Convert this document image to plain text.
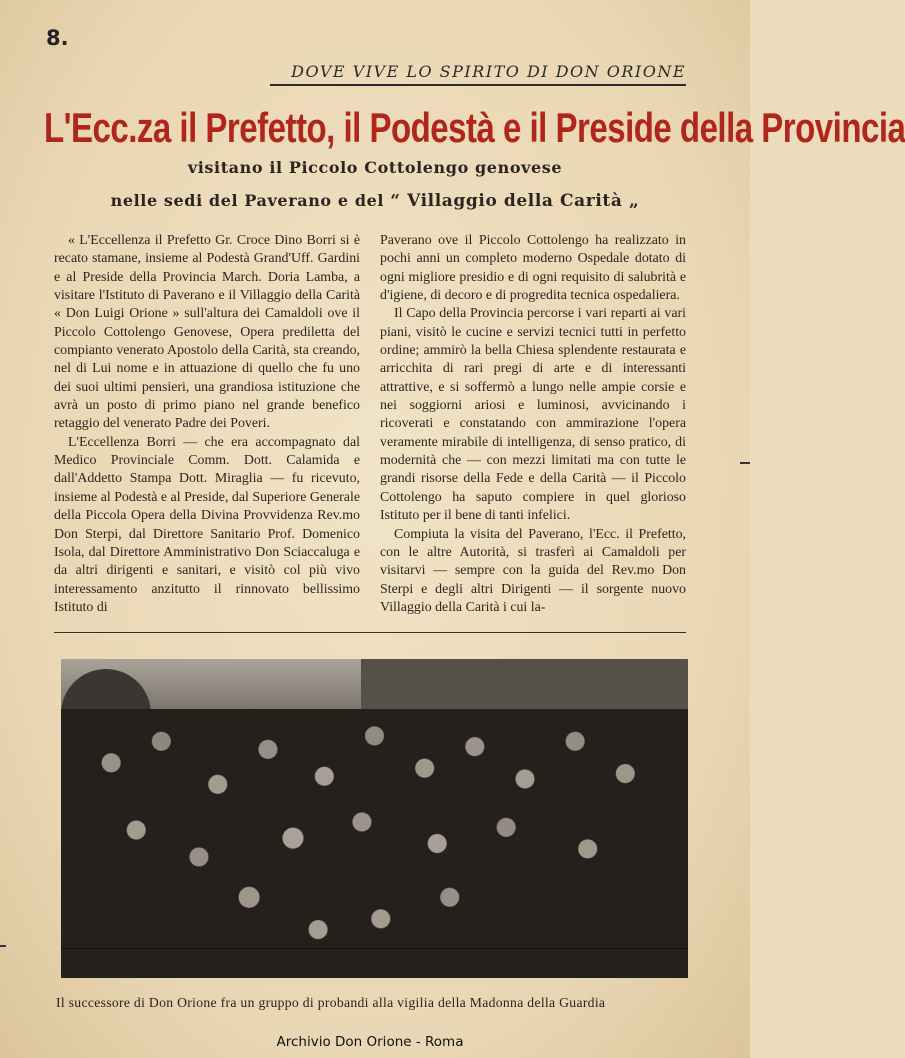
8.
DOVE VIVE LO SPIRITO DI DON ORIONE
L'Ecc.za il Prefetto, il Podestà e il Preside della Provincia
visitano il Piccolo Cottolengo genovese
nelle sedi del Paverano e del “ Villaggio della Carità „

« L'Eccellenza il Prefetto Gr. Croce Dino Borri si è recato stamane, insieme al Podestà Grand'Uff. Gardini e al Preside della Provincia March. Doria Lamba, a visitare l'Istituto di Paverano e il Villaggio della Carità « Don Luigi Orione » sull'altura dei Camaldoli ove il Piccolo Cottolengo Genovese, Opera prediletta del compianto venerato Apostolo della Carità, sta creando, nel di Lui nome e in attuazione di quello che fu uno dei suoi ultimi pensieri, una grandiosa istituzione che avrà un posto di primo piano nel grande benefico retaggio del venerato Padre dei Poveri.

L'Eccellenza Borri — che era accompagnato dal Medico Provinciale Comm. Dott. Calamida e dall'Addetto Stampa Dott. Miraglia — fu ricevuto, insieme al Podestà e al Preside, dal Superiore Generale della Piccola Opera della Divina Provvidenza Rev.mo Don Sterpi, dal Direttore Sanitario Prof. Domenico Isola, dal Direttore Amministrativo Don Sciaccaluga e da altri dirigenti e sanitari, e visitò col più vivo interessamento anzitutto il rinnovato bellissimo Istituto di

Paverano ove il Piccolo Cottolengo ha realizzato in pochi anni un completo moderno Ospedale dotato di ogni migliore presidio e di ogni requisito di salubrità e d'igiene, di decoro e di progredita tecnica ospedaliera.

Il Capo della Provincia percorse i vari reparti ai vari piani, visitò le cucine e servizi tecnici tutti in perfetto ordine; ammirò la bella Chiesa splendente restaurata e arricchita di rari pregi di arte e di interessanti attrattive, e si soffermò a lungo nelle ampie corsie e nei soggiorni ariosi e luminosi, avvicinando i ricoverati e constatando con ammirazione l'opera veramente mirabile di intelligenza, di senso pratico, di modernità che — con mezzi limitati ma con tutte le grandi risorse della Fede e della Carità — il Piccolo Cottolengo ha saputo compiere in quel glorioso Istituto per il bene di tanti infelici.

Compiuta la visita del Paverano, l'Ecc. il Prefetto, con le altre Autorità, si trasferì ai Camaldoli per visitarvi — sempre con la guida del Rev.mo Don Sterpi e degli altri Dirigenti — il sorgente nuovo Villaggio della Carità i cui la-

Il successore di Don Orione fra un gruppo di probandi alla vigilia della Madonna della Guardia
Archivio Don Orione - Roma
